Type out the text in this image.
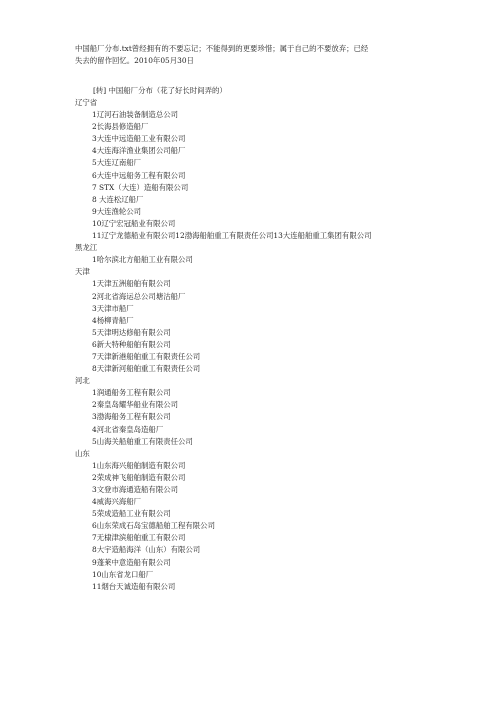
中国船厂分布.txt曾经拥有的不要忘记；不能得到的更要珍惜；属于自己的不要放弃；已经

失去的留作回忆。2010年05月30日

[转] 中国船厂分布（花了好长时间弄的）
辽宁省
1辽河石油装备制造总公司
2长海县修造船厂
3大连中远造船工业有限公司
4大连海洋渔业集团公司船厂
5大连辽南船厂
6大连中远船务工程有限公司
7 STX（大连）造船有限公司
8 大连松辽船厂
9大连渔轮公司
10辽宁宏冠船业有限公司
11辽宁龙德船业有限公司12渤海船舶重工有限责任公司13大连船舶重工集团有限公司
黑龙江
1哈尔滨北方船舶工业有限公司
天津
1天津五洲船舶有限公司
2河北省海运总公司塘沽船厂
3天津市船厂
4杨柳青船厂
5天津明达修船有限公司
6新大特种船舶有限公司
7天津新港船舶重工有限责任公司
8天津新河船舶重工有限责任公司
河北
1润通船务工程有限公司
2秦皇岛耀华船业有限公司
3渤海船务工程有限公司
4河北省秦皇岛造船厂
5山海关船舶重工有限责任公司
山东
1山东海兴船舶制造有限公司
2荣成神飞船舶制造有限公司
3文登市海通造船有限公司
4威海兴海船厂
5荣成造船工业有限公司
6山东荣成石岛宝德船舶工程有限公司
7无棣津滨船舶重工有限公司
8大宇造船海洋（山东）有限公司
9蓬莱中意造船有限公司
10山东省龙口船厂
11烟台天诚造船有限公司
